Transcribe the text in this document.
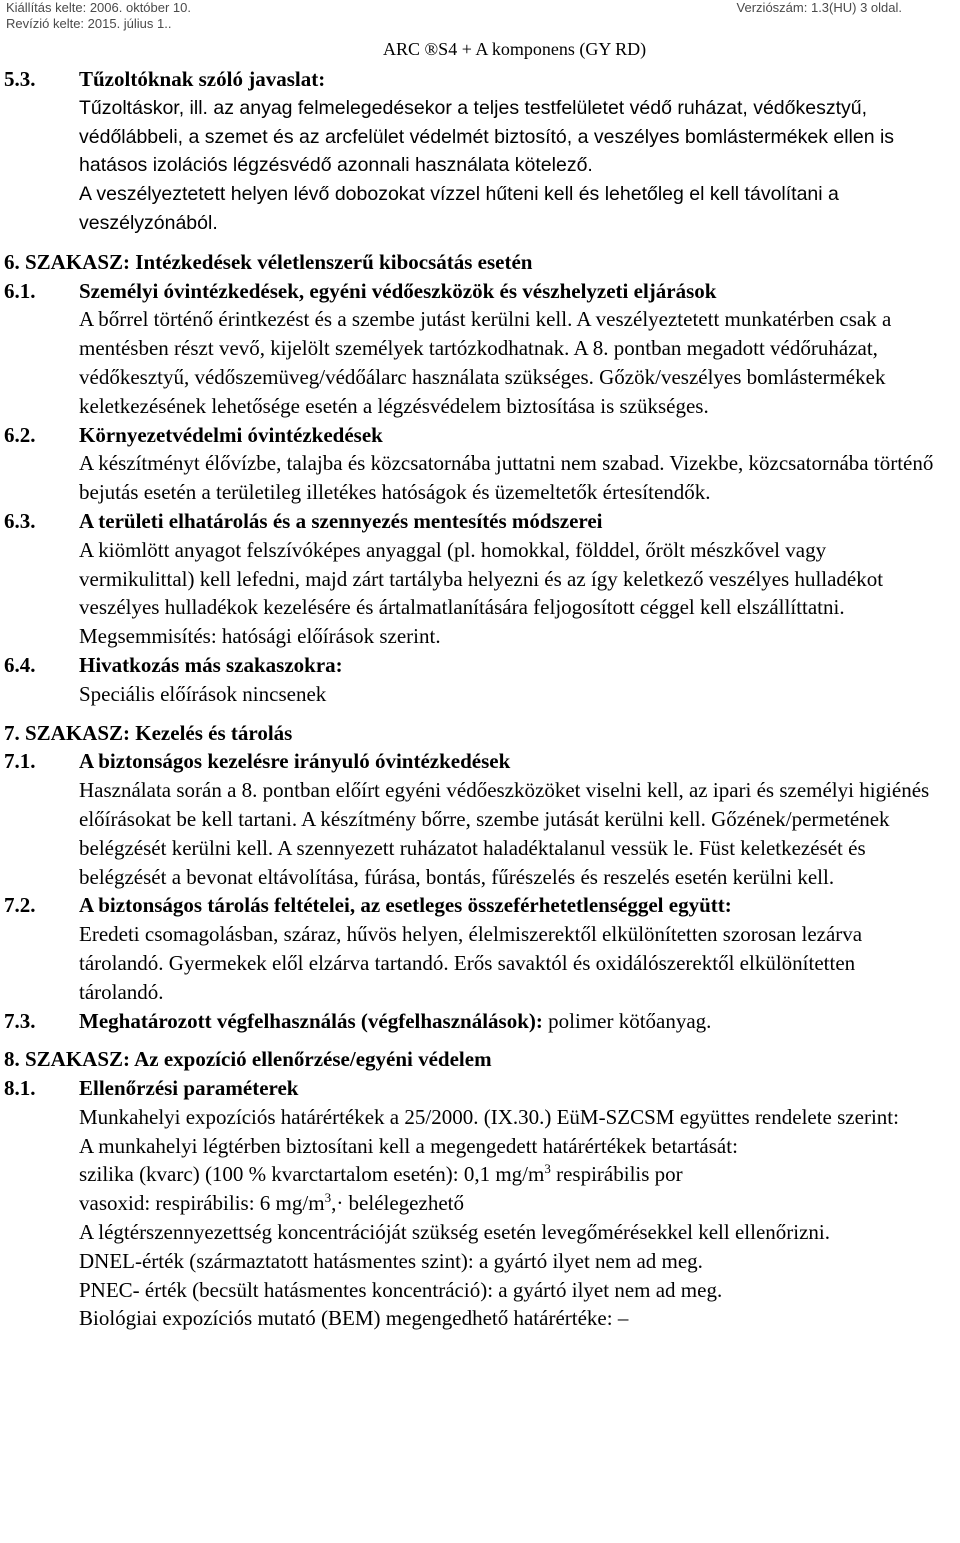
Kiállítás kelte: 2006. október 10.
Revízió kelte: 2015. július 1..
Verziószám: 1.3(HU) 3 oldal.
ARC ®S4 + A komponens (GY RD)
5.3.	Tűzoltóknak szóló javaslat:
Tűzoltáskor, ill. az anyag felmelegedésekor a teljes testfelületet védő ruházat, védőkesztyű, védőlábbeli, a szemet és az arcfelület védelmét biztosító, a veszélyes bomlástermékek ellen is hatásos izolációs légzésvédő azonnali használata kötelező.
A veszélyeztetett helyen lévő dobozokat vízzel hűteni kell és lehetőleg el kell távolítani a veszélyzónából.
6. SZAKASZ: Intézkedések véletlenszerű kibocsátás esetén
6.1.	Személyi óvintézkedések, egyéni védőeszközök és vészhelyzeti eljárások
A bőrrel történő érintkezést és a szembe jutást kerülni kell. A veszélyeztetett munkatérben csak a mentésben részt vevő, kijelölt személyek tartózkodhatnak. A 8. pontban megadott védőruházat, védőkesztyű, védőszemüveg/védőálarc használata szükséges. Gőzök/veszélyes bomlástermékek keletkezésének lehetősége esetén a légzésvédelem biztosítása is szükséges.
6.2.	Környezetvédelmi óvintézkedések
A készítményt élővízbe, talajba és közcsatornába juttatni nem szabad. Vizekbe, közcsatornába történő bejutás esetén a területileg illetékes hatóságok és üzemeltetők értesítendők.
6.3.	A területi elhatárolás és a szennyezés mentesítés módszerei
A kiömlött anyagot felszívóképes anyaggal (pl. homokkal, földdel, őrölt mészkővel vagy vermikulittal) kell lefedni, majd zárt tartályba helyezni és az így keletkező veszélyes hulladékot veszélyes hulladékok kezelésére és ártalmatlanítására feljogosított céggel kell elszállíttatni.
Megsemmisítés: hatósági előírások szerint.
6.4.	Hivatkozás más szakaszokra:
Speciális előírások nincsenek
7. SZAKASZ: Kezelés és tárolás
7.1.	A biztonságos kezelésre irányuló óvintézkedések
Használata során a 8. pontban előírt egyéni védőeszközöket viselni kell, az ipari és személyi higiénés előírásokat be kell tartani. A készítmény bőrre, szembe jutását kerülni kell. Gőzének/permetének belégzését kerülni kell. A szennyezett ruházatot haladéktalanul vessük le. Füst keletkezését és belégzését a bevonat eltávolítása, fúrása, bontás, fűrészelés és reszelés esetén kerülni kell.
7.2.	A biztonságos tárolás feltételei, az esetleges összeférhetetlenséggel együtt:
Eredeti csomagolásban, száraz, hűvös helyen, élelmiszerektől elkülönítetten szorosan lezárva tárolandó. Gyermekek elől elzárva tartandó. Erős savaktól és oxidálószerektől elkülönítetten tárolandó.
7.3.	Meghatározott végfelhasználás (végfelhasználások): polimer kötőanyag.
8. SZAKASZ: Az expozíció ellenőrzése/egyéni védelem
8.1.	Ellenőrzési paraméterek
Munkahelyi expozíciós határértékek a 25/2000. (IX.30.) EüM-SZCSM együttes rendelete szerint:
A munkahelyi légtérben biztosítani kell a megengedett határértékek betartását:
szilika (kvarc) (100 % kvarctartalom esetén): 0,1 $mg/m^3$ respirábilis por
vasoxid: respirábilis: 6 $mg/m^3,\cdot$ belélegezhető
A légtérszennyezettség koncentrációját szükség esetén levegőmérésekkel kell ellenőrizni.
DNEL-érték (származtatott hatásmentes szint): a gyártó ilyet nem ad meg.
PNEC- érték (becsült hatásmentes koncentráció): a gyártó ilyet nem ad meg.
Biológiai expozíciós mutató (BEM) megengedhető határértéke: –
